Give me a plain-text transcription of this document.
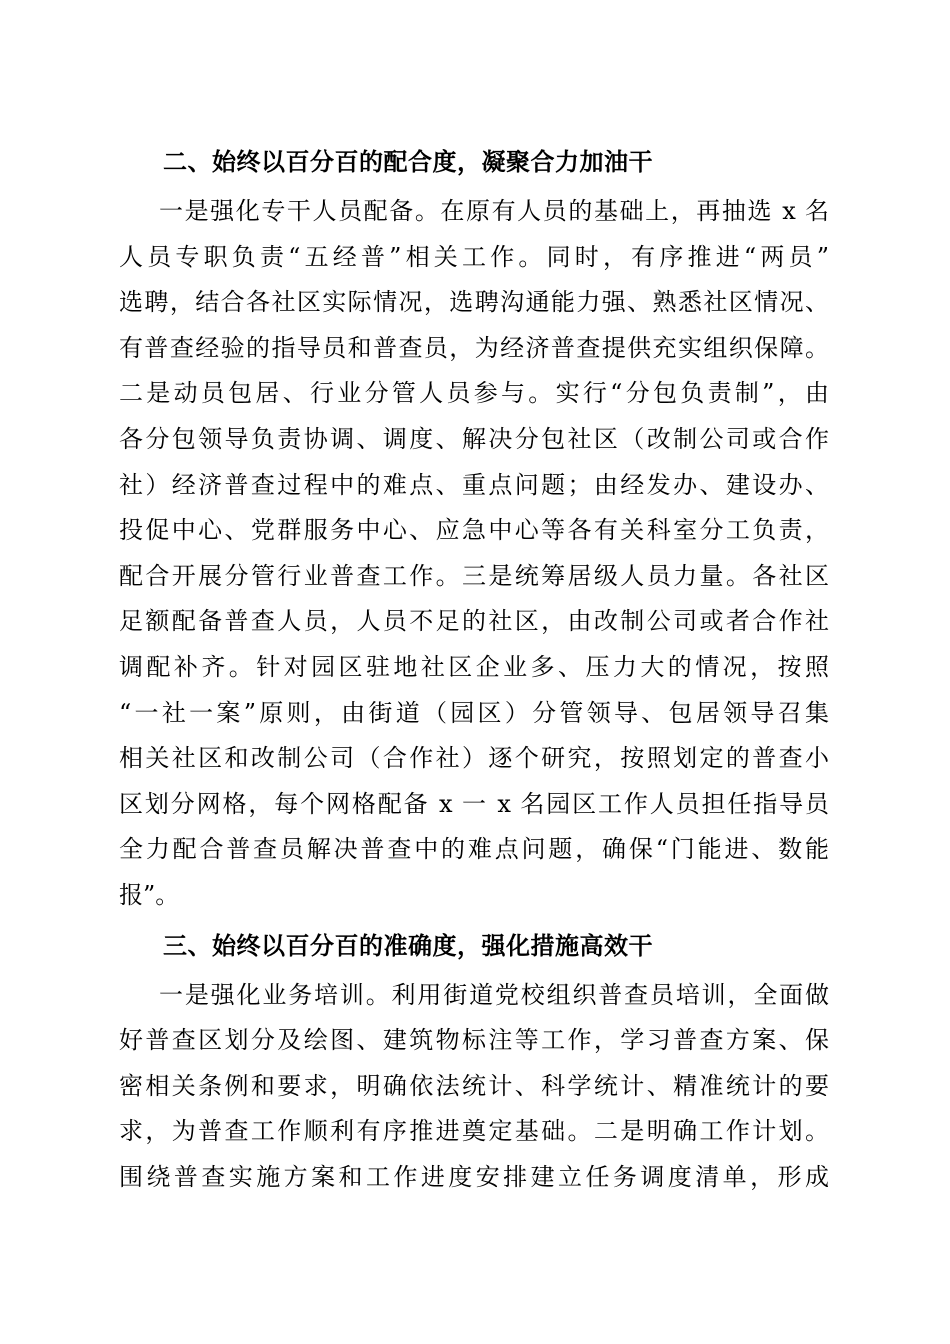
二、始终以百分百的配合度，凝聚合力加油干
一是强化专干人员配备。在原有人员的基础上，再抽选 x 名
人员专职负责“五经普”相关工作。同时，有序推进“两员”
选聘，结合各社区实际情况，选聘沟通能力强、熟悉社区情况、
有普查经验的指导员和普查员，为经济普查提供充实组织保障。
二是动员包居、行业分管人员参与。实行“分包负责制”，由
各分包领导负责协调、调度、解决分包社区（改制公司或合作
社）经济普查过程中的难点、重点问题；由经发办、建设办、
投促中心、党群服务中心、应急中心等各有关科室分工负责，
配合开展分管行业普查工作。三是统筹居级人员力量。各社区
足额配备普查人员，人员不足的社区，由改制公司或者合作社
调配补齐。针对园区驻地社区企业多、压力大的情况，按照
“一社一案”原则，由街道（园区）分管领导、包居领导召集
相关社区和改制公司（合作社）逐个研究，按照划定的普查小
区划分网格，每个网格配备 x 一 x 名园区工作人员担任指导员
全力配合普查员解决普查中的难点问题，确保“门能进、数能
报”。
三、始终以百分百的准确度，强化措施高效干
一是强化业务培训。利用街道党校组织普查员培训，全面做
好普查区划分及绘图、建筑物标注等工作，学习普查方案、保
密相关条例和要求，明确依法统计、科学统计、精准统计的要
求，为普查工作顺利有序推进奠定基础。二是明确工作计划。
围绕普查实施方案和工作进度安排建立任务调度清单，形成
